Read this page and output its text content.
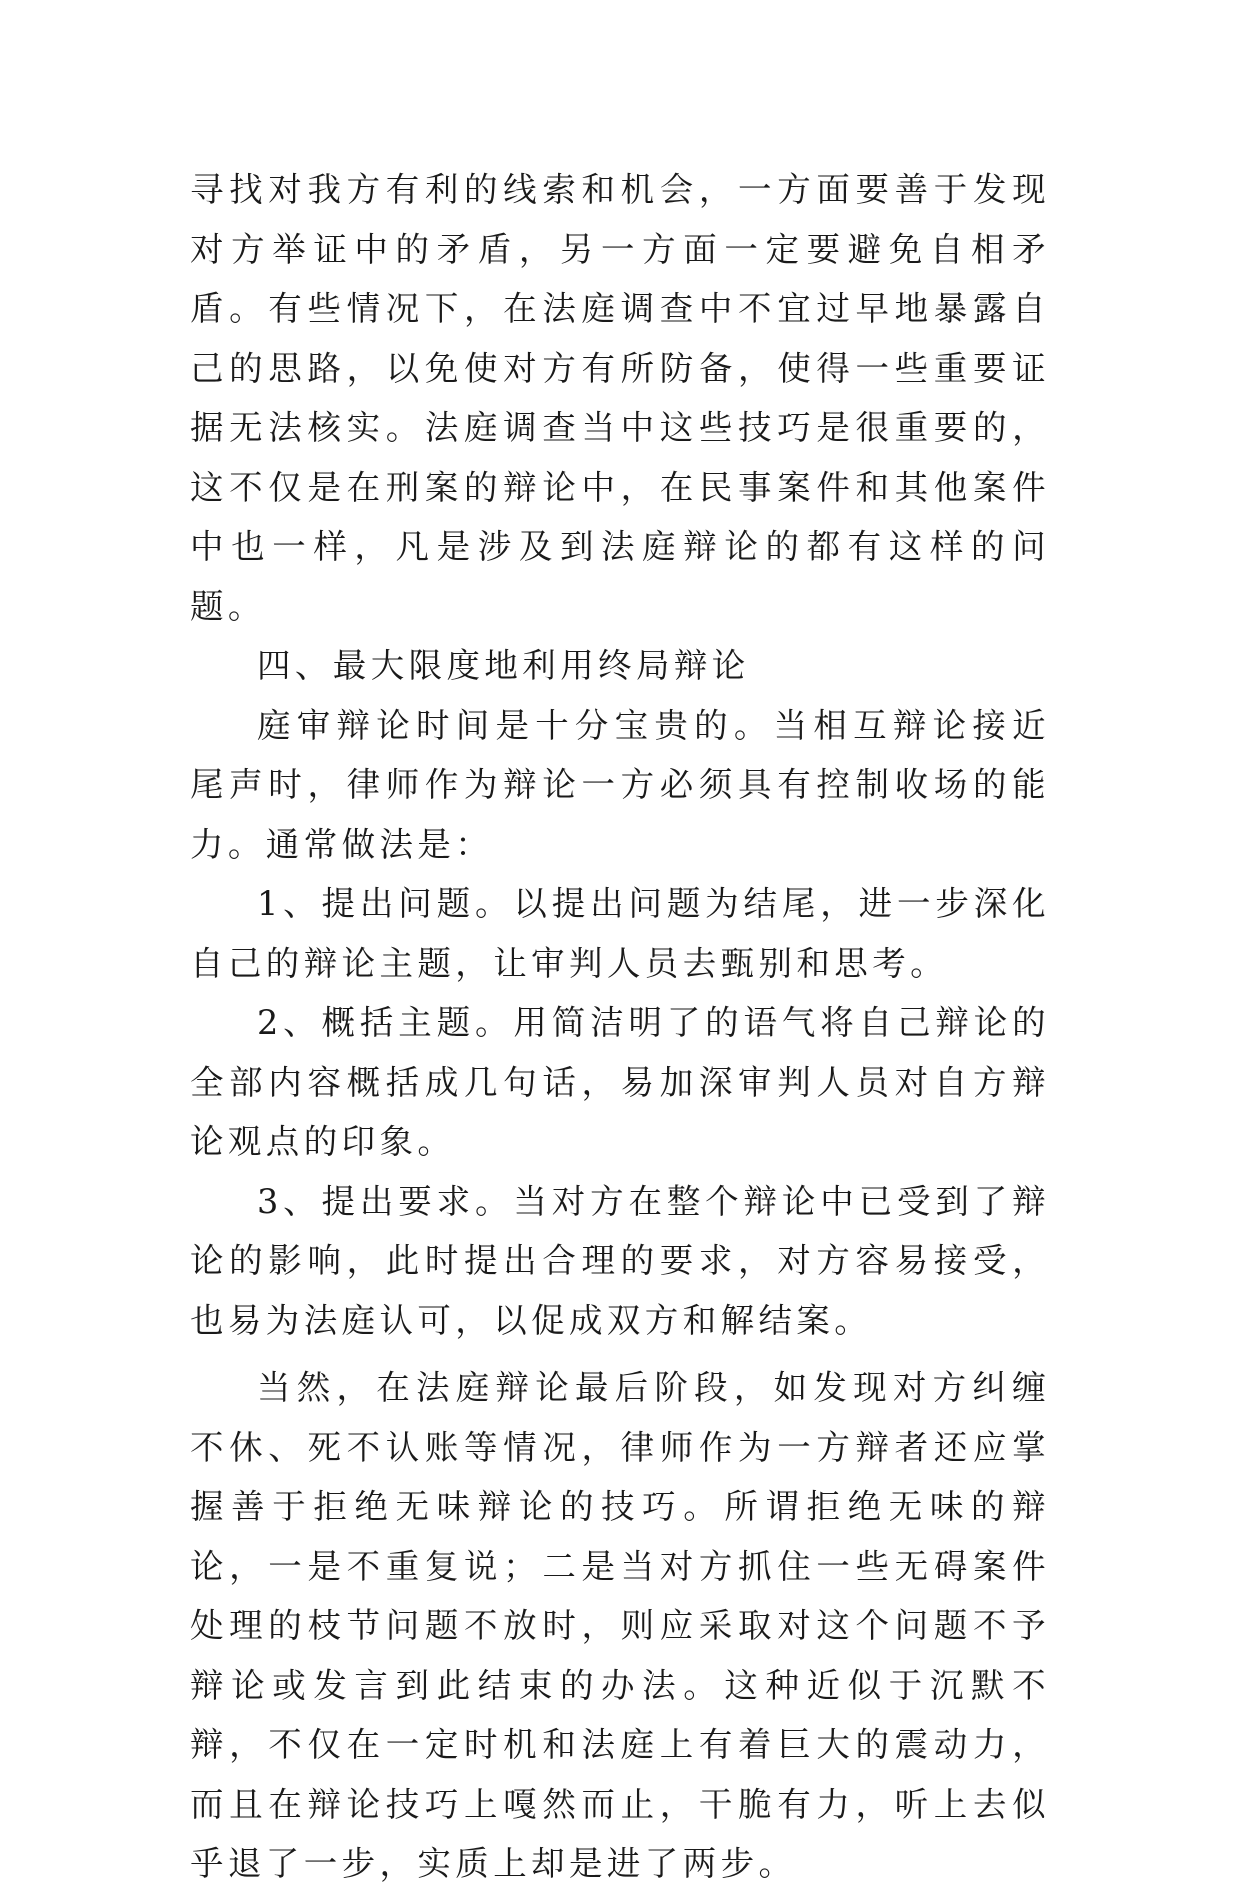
寻找对我方有利的线索和机会，一方面要善于发现对方举证中的矛盾，另一方面一定要避免自相矛盾。有些情况下，在法庭调查中不宜过早地暴露自己的思路，以免使对方有所防备，使得一些重要证据无法核实。法庭调查当中这些技巧是很重要的，这不仅是在刑案的辩论中，在民事案件和其他案件中也一样，凡是涉及到法庭辩论的都有这样的问题。

四、最大限度地利用终局辩论

庭审辩论时间是十分宝贵的。当相互辩论接近尾声时，律师作为辩论一方必须具有控制收场的能力。通常做法是：

1、提出问题。以提出问题为结尾，进一步深化自己的辩论主题，让审判人员去甄别和思考。

2、概括主题。用简洁明了的语气将自己辩论的全部内容概括成几句话，易加深审判人员对自方辩论观点的印象。

3、提出要求。当对方在整个辩论中已受到了辩论的影响，此时提出合理的要求，对方容易接受，也易为法庭认可，以促成双方和解结案。

当然，在法庭辩论最后阶段，如发现对方纠缠不休、死不认账等情况，律师作为一方辩者还应掌握善于拒绝无味辩论的技巧。所谓拒绝无味的辩论，一是不重复说；二是当对方抓住一些无碍案件处理的枝节问题不放时，则应采取对这个问题不予辩论或发言到此结束的办法。这种近似于沉默不辩，不仅在一定时机和法庭上有着巨大的震动力，而且在辩论技巧上嘎然而止，干脆有力，听上去似乎退了一步，实质上却是进了两步。
